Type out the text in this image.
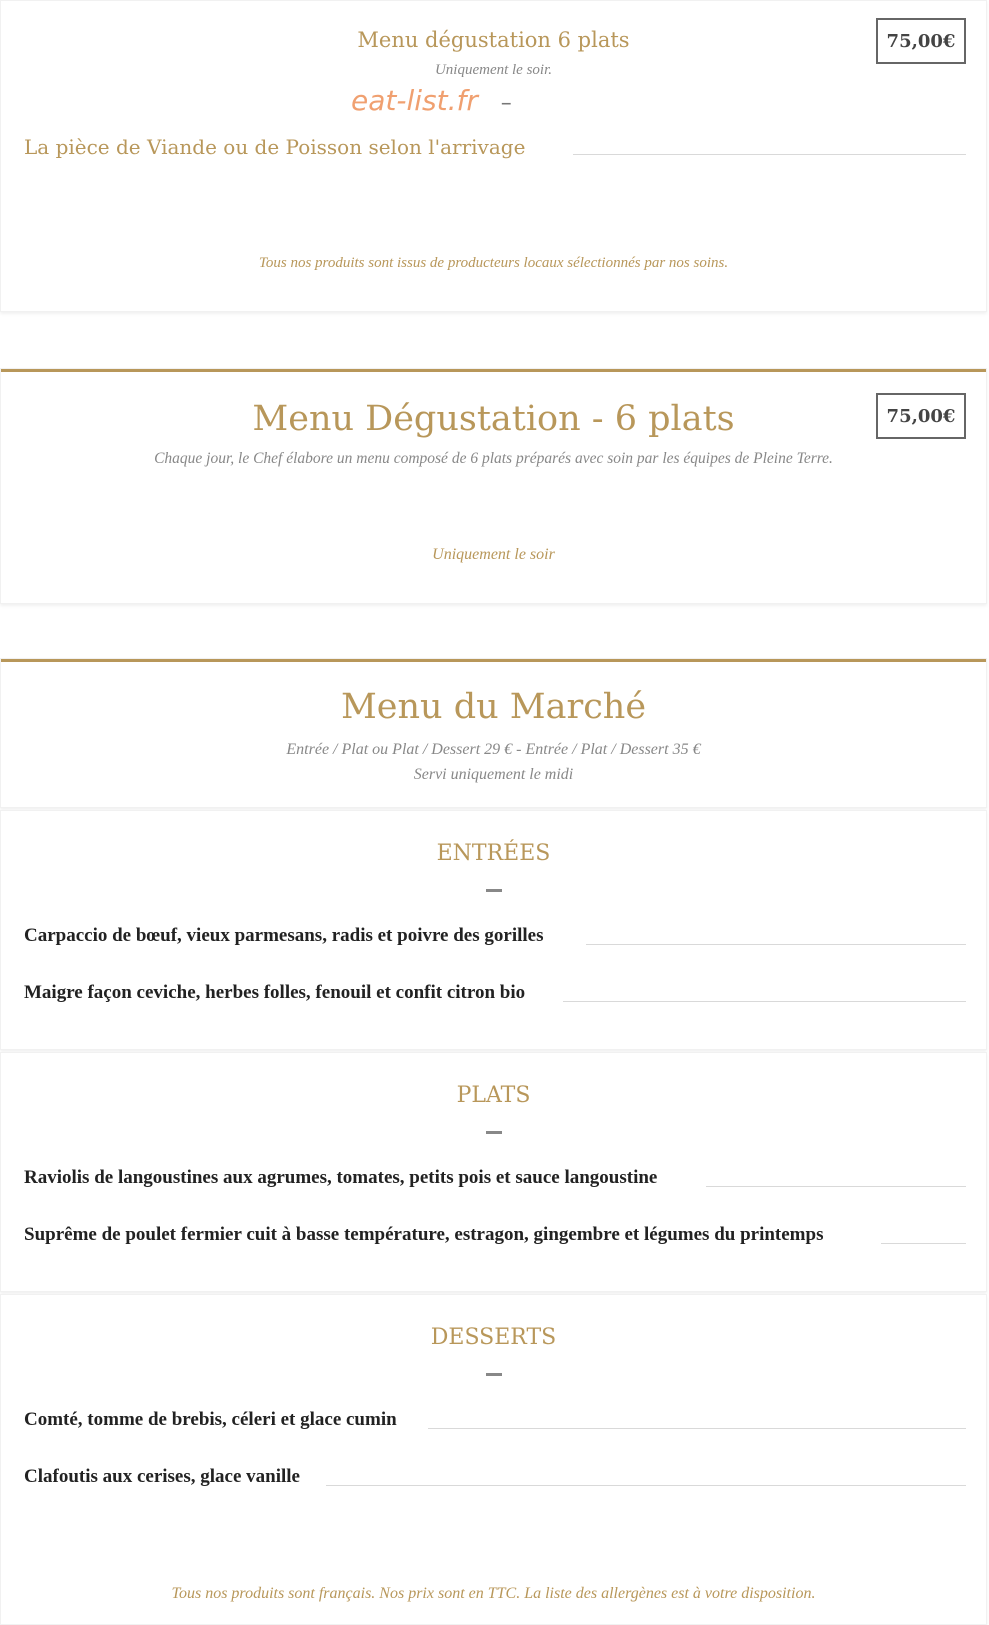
75,00€
Menu dégustation 6 plats
Uniquement le soir.
eat-list.fr –
La pièce de Viande ou de Poisson selon l'arrivage
Tous nos produits sont issus de producteurs locaux sélectionnés par nos soins.
75,00€
Menu Dégustation - 6 plats
Chaque jour, le Chef élabore un menu composé de 6 plats préparés avec soin par les équipes de Pleine Terre.
Uniquement le soir
Menu du Marché
Entrée / Plat ou Plat / Dessert 29 € - Entrée / Plat / Dessert 35 €
Servi uniquement le midi
ENTRÉES
Carpaccio de bœuf, vieux parmesans, radis et poivre des gorilles
Maigre façon ceviche, herbes folles, fenouil et confit citron bio
PLATS
Raviolis de langoustines aux agrumes, tomates, petits pois et sauce langoustine
Suprême de poulet fermier cuit à basse température, estragon, gingembre et légumes du printemps
DESSERTS
Comté, tomme de brebis, céleri et glace cumin
Clafoutis aux cerises, glace vanille
Tous nos produits sont français. Nos prix sont en TTC. La liste des allergènes est à votre disposition.
